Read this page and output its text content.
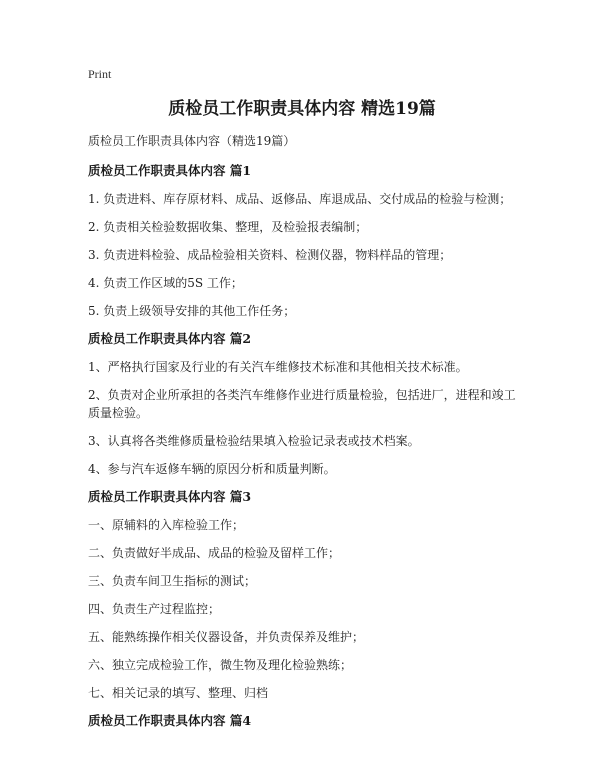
Print
质检员工作职责具体内容 精选19篇
质检员工作职责具体内容（精选19篇）
质检员工作职责具体内容 篇1
1. 负责进料、库存原材料、成品、返修品、库退成品、交付成品的检验与检测；
2. 负责相关检验数据收集、整理，及检验报表编制；
3. 负责进料检验、成品检验相关资料、检测仪器，物料样品的管理；
4. 负责工作区域的5S 工作；
5. 负责上级领导安排的其他工作任务；
质检员工作职责具体内容 篇2
1、严格执行国家及行业的有关汽车维修技术标准和其他相关技术标准。
2、负责对企业所承担的各类汽车维修作业进行质量检验，包括进厂，进程和竣工质量检验。
3、认真将各类维修质量检验结果填入检验记录表或技术档案。
4、参与汽车返修车辆的原因分析和质量判断。
质检员工作职责具体内容 篇3
一、原辅料的入库检验工作；
二、负责做好半成品、成品的检验及留样工作；
三、负责车间卫生指标的测试；
四、负责生产过程监控；
五、能熟练操作相关仪器设备，并负责保养及维护；
六、独立完成检验工作，微生物及理化检验熟练；
七、相关记录的填写、整理、归档
质检员工作职责具体内容 篇4
